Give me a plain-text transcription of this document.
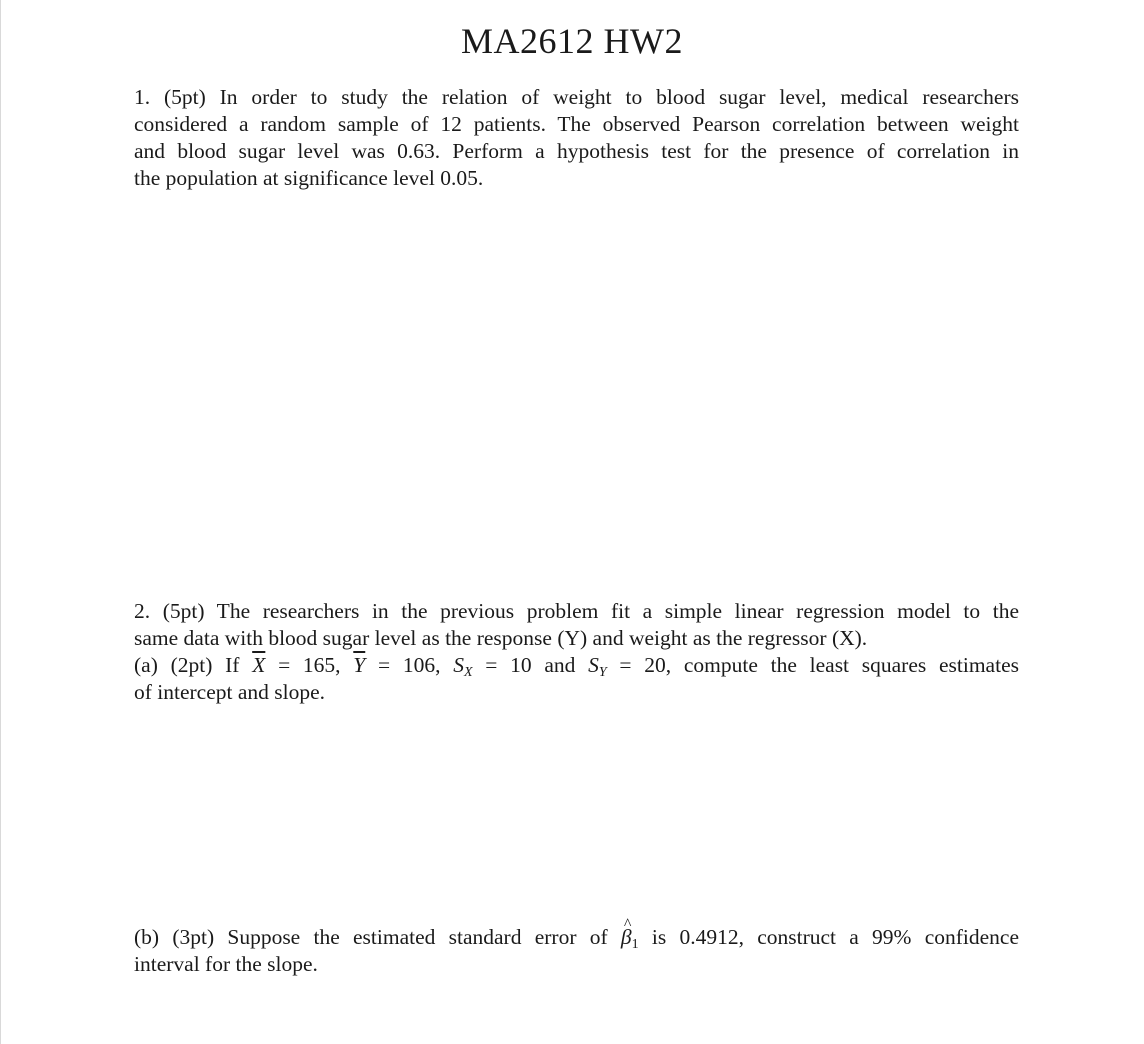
MA2612 HW2
1. (5pt) In order to study the relation of weight to blood sugar level, medical researchers
considered a random sample of 12 patients. The observed Pearson correlation between weight
and blood sugar level was 0.63. Perform a hypothesis test for the presence of correlation in
the population at significance level 0.05.
2. (5pt) The researchers in the previous problem fit a simple linear regression model to the
same data with blood sugar level as the response (Y) and weight as the regressor (X).
(a) (2pt) If $\overline{X} = 165$, $\overline{Y} = 106$, $S_X = 10$ and $S_Y = 20$, compute the least squares estimates
of intercept and slope.
(b) (3pt) Suppose the estimated standard error of ^ $\beta_1$ is 0.4912, construct a 99% confidence
interval for the slope.
